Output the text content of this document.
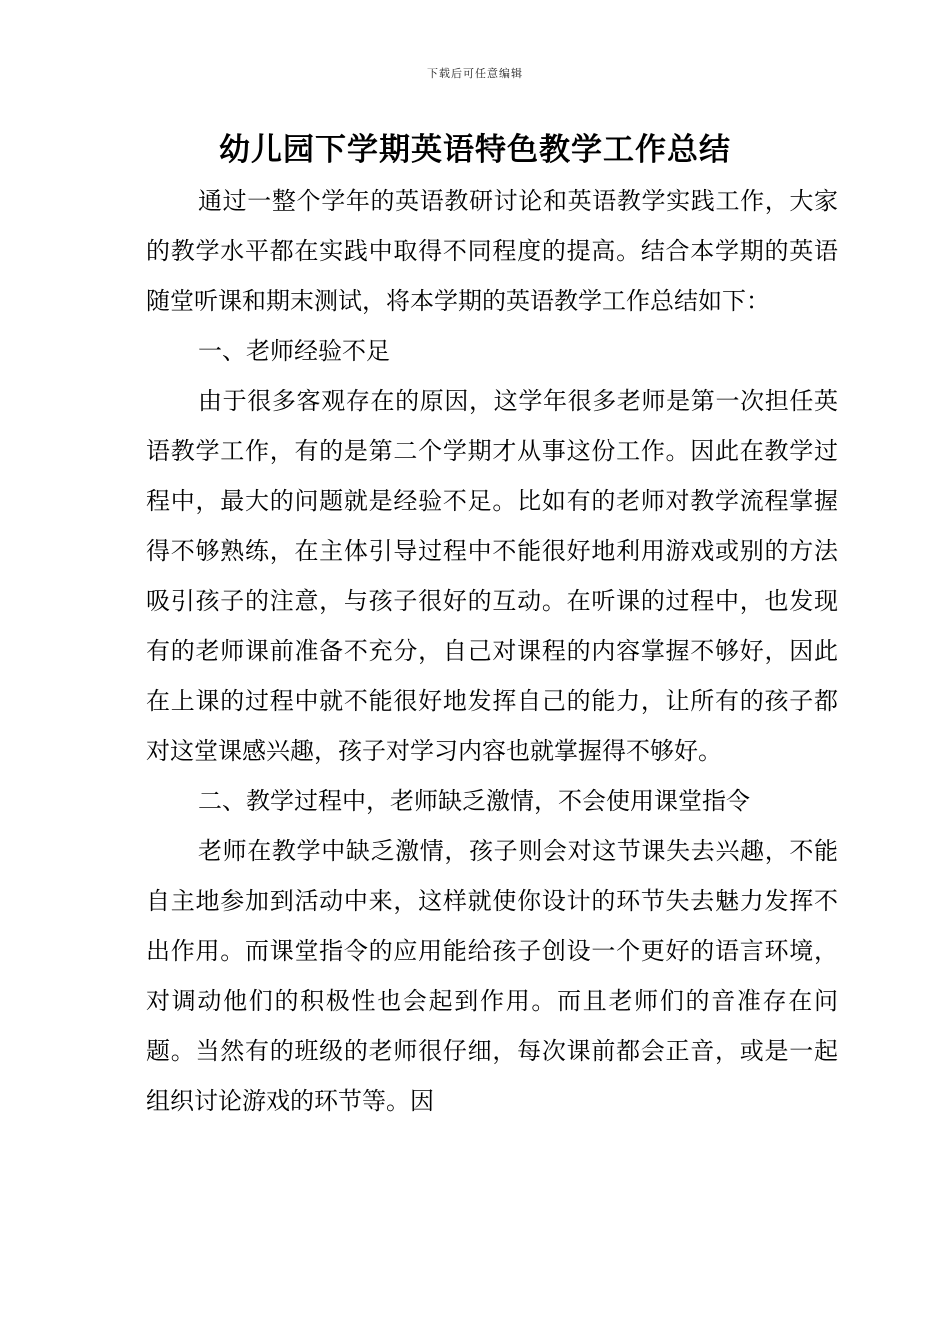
下载后可任意编辑
幼儿园下学期英语特色教学工作总结

通过一整个学年的英语教研讨论和英语教学实践工作，大家的教学水平都在实践中取得不同程度的提高。结合本学期的英语随堂听课和期末测试，将本学期的英语教学工作总结如下：

一、老师经验不足

由于很多客观存在的原因，这学年很多老师是第一次担任英语教学工作，有的是第二个学期才从事这份工作。因此在教学过程中，最大的问题就是经验不足。比如有的老师对教学流程掌握得不够熟练，在主体引导过程中不能很好地利用游戏或别的方法吸引孩子的注意，与孩子很好的互动。在听课的过程中，也发现有的老师课前准备不充分，自己对课程的内容掌握不够好，因此在上课的过程中就不能很好地发挥自己的能力，让所有的孩子都对这堂课感兴趣，孩子对学习内容也就掌握得不够好。

二、教学过程中，老师缺乏激情，不会使用课堂指令

老师在教学中缺乏激情，孩子则会对这节课失去兴趣，不能自主地参加到活动中来，这样就使你设计的环节失去魅力发挥不出作用。而课堂指令的应用能给孩子创设一个更好的语言环境，对调动他们的积极性也会起到作用。而且老师们的音准存在问题。当然有的班级的老师很仔细，每次课前都会正音，或是一起组织讨论游戏的环节等。因
